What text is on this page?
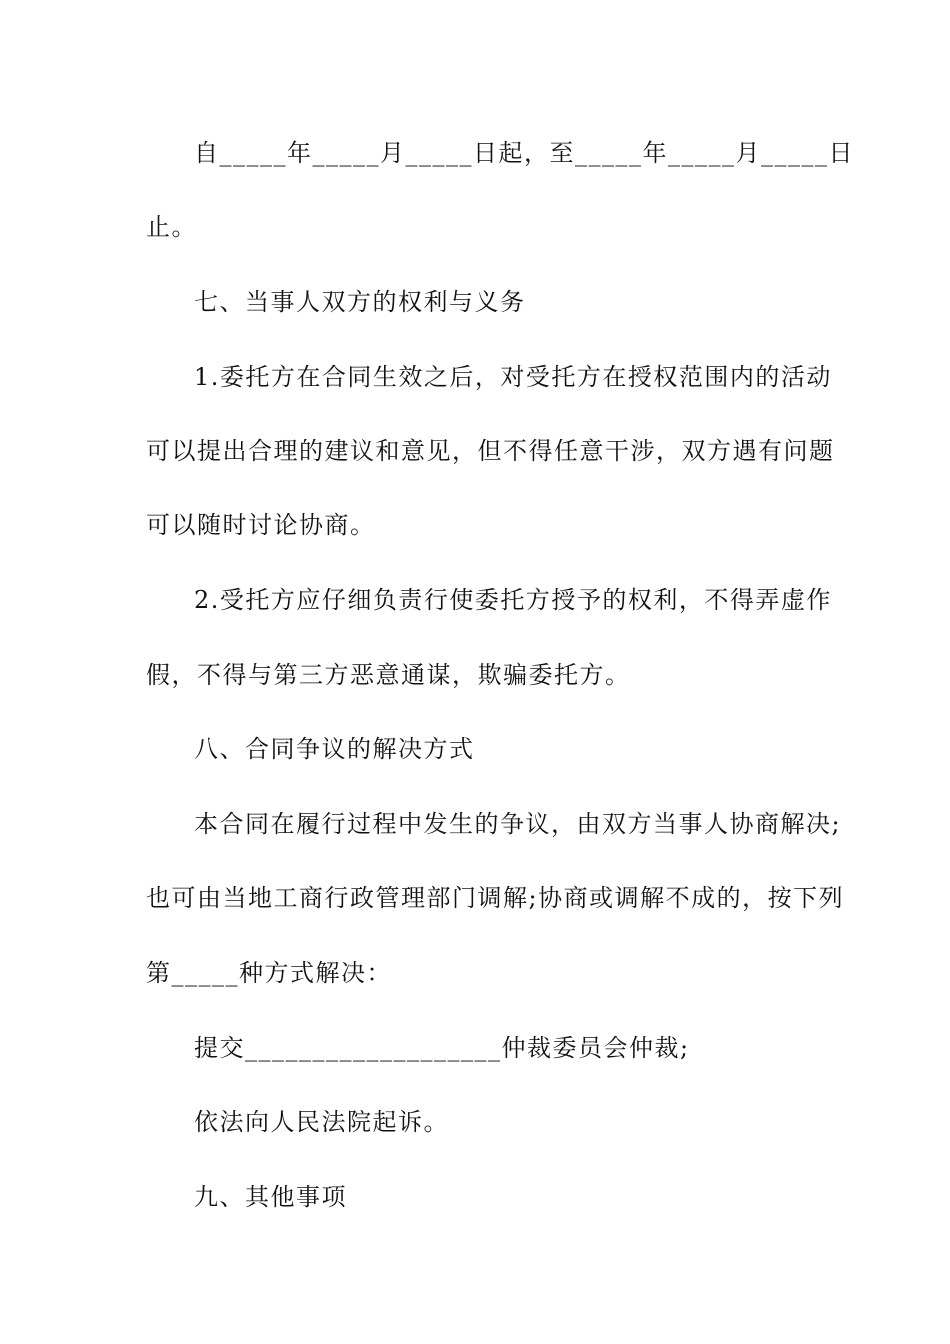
自_____年_____月_____日起，至_____年_____月_____日
止。
七、当事人双方的权利与义务
1.委托方在合同生效之后，对受托方在授权范围内的活动
可以提出合理的建议和意见，但不得任意干涉，双方遇有问题
可以随时讨论协商。
2.受托方应仔细负责行使委托方授予的权利，不得弄虚作
假，不得与第三方恶意通谋，欺骗委托方。
八、合同争议的解决方式
本合同在履行过程中发生的争议，由双方当事人协商解决;
也可由当地工商行政管理部门调解;协商或调解不成的，按下列
第_____种方式解决：
提交___________________仲裁委员会仲裁;
依法向人民法院起诉。
九、其他事项
